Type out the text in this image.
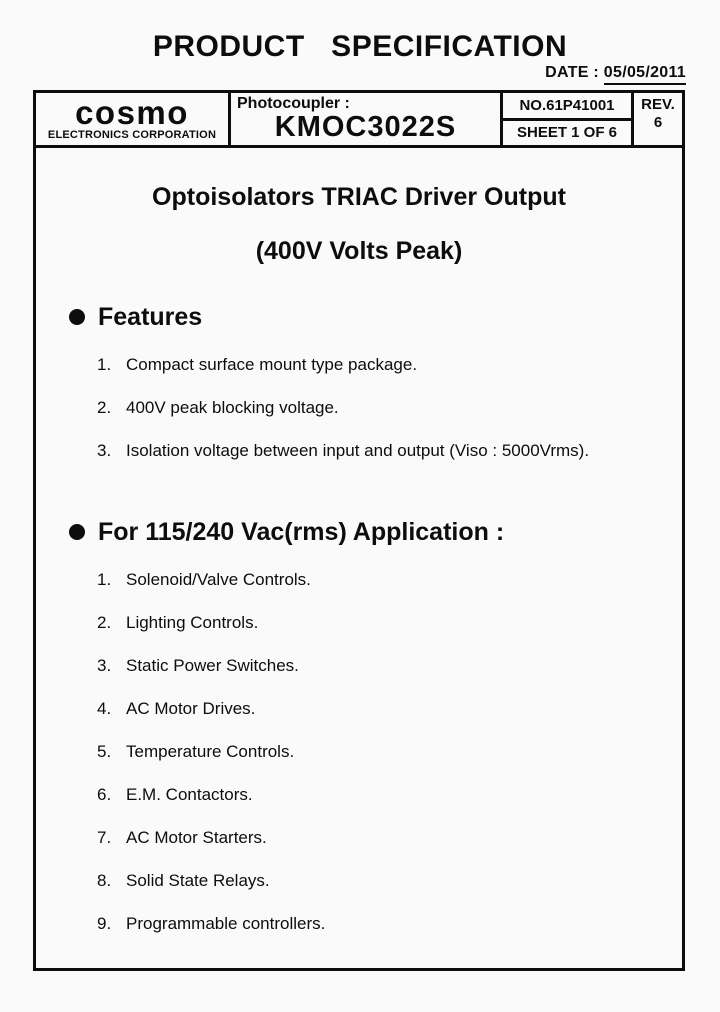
PRODUCT   SPECIFICATION
DATE : 05/05/2011
cosmo
ELECTRONICS CORPORATION
Photocoupler :
KMOC3022S
NO.61P41001
SHEET 1 OF 6
REV.
6
Optoisolators TRIAC Driver Output
(400V Volts Peak)
Features
1. Compact surface mount type package.
2. 400V peak blocking voltage.
3. Isolation voltage between input and output (Viso : 5000Vrms).
For 115/240 Vac(rms) Application :
1. Solenoid/Valve Controls.
2. Lighting Controls.
3. Static Power Switches.
4. AC Motor Drives.
5. Temperature Controls.
6. E.M. Contactors.
7. AC Motor Starters.
8. Solid State Relays.
9. Programmable controllers.
